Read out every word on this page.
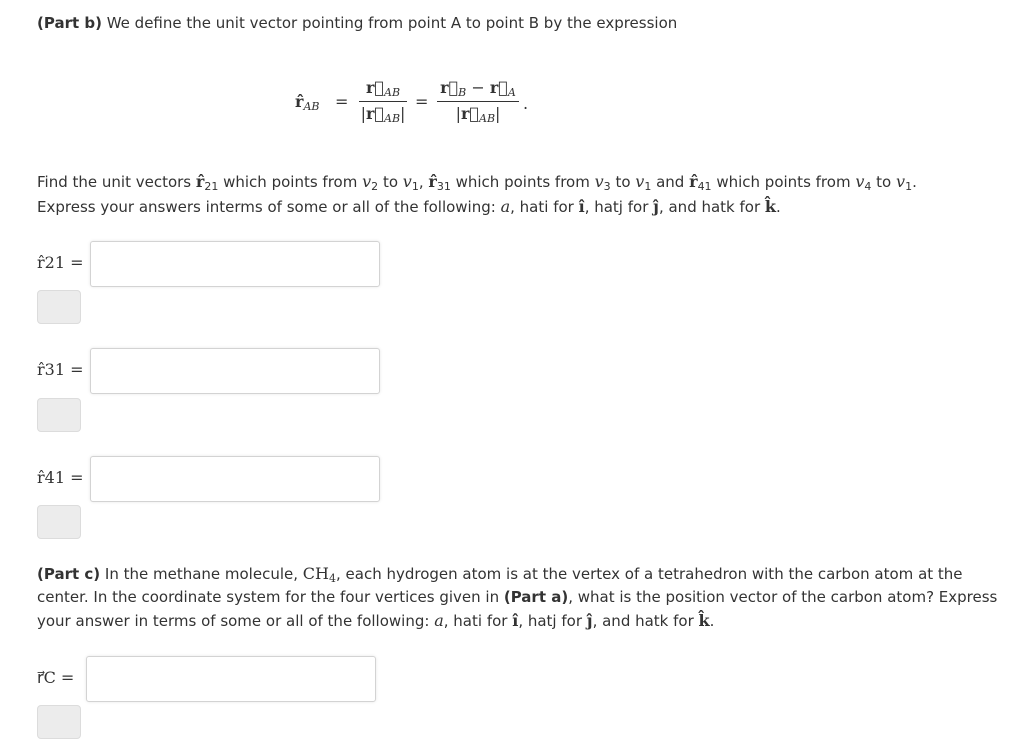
(Part b) We define the unit vector pointing from point A to point B by the expression
$r̂_{AB}$ =
$r⃗_{AB}$
$|r⃗_{AB}|$
=
$r⃗_B$ − $r⃗_A$
$|r⃗_{AB}|$
.
Find the unit vectors $r̂_{21}$ which points from $v_2$ to $v_1$, $r̂_{31}$ which points from $v_3$ to $v_1$ and $r̂_{41}$ which points from $v_4$ to $v_1$.
Express your answers interms of some or all of the following: a, hati for î, hatj for ĵ, and hatk for k̂.
r̂21 =
r̂31 =
r̂41 =
(Part c) In the methane molecule, $CH_4$, each hydrogen atom is at the vertex of a tetrahedron with the carbon atom at the
center. In the coordinate system for the four vertices given in (Part a), what is the position vector of the carbon atom? Express
your answer in terms of some or all of the following: a, hati for î, hatj for ĵ, and hatk for k̂.
r⃗C =
